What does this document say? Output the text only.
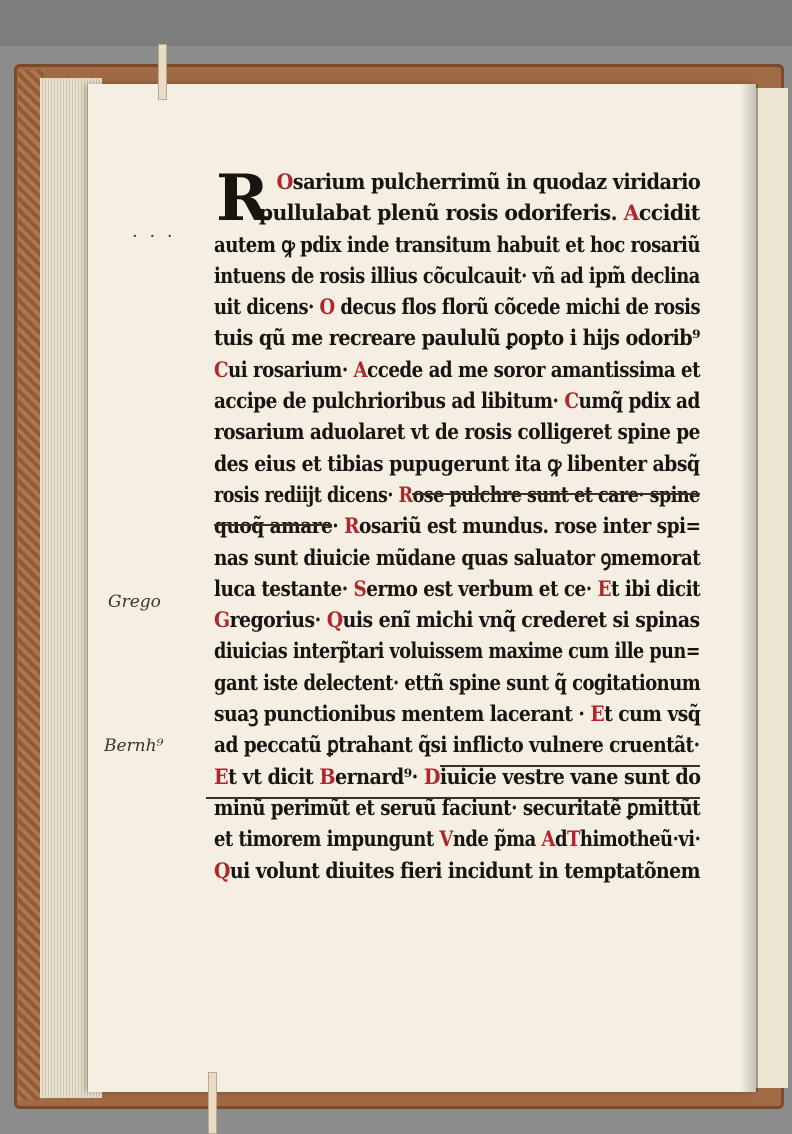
R Osarium pulcherrimũ in quodaz viridario
pullulabat plenũ rosis odoriferis. Accidit
autem ꝙ pdix inde transitum habuit et hoc rosariũ
intuens de rosis illius cõculcauit· vñ ad ipm̃ declina
uit dicens· O decus flos florũ cõcede michi de rosis
tuis qũ me recreare paululũ ꝑopto i hijs odorib⁹
Cui rosarium· Accede ad me soror amantissima et
accipe de pulchrioribus ad libitum· Cumq̃ pdix ad
rosarium aduolaret vt de rosis colligeret spine pe
des eius et tibias pupugerunt ita ꝙ libenter absq̃
rosis rediijt dicens· Rose pulchre sunt et care· spine
quoq̃ amare· Rosariũ est mundus. rose inter spi=
nas sunt diuicie mũdane quas saluator ꝯmemorat
luca testante· Sermo est verbum et ce· Et ibi dicit
Gregorius· Quis enĩ michi vnq̃ crederet si spinas
diuicias interp̃tari voluissem maxime cum ille pun=
gant iste delectent· ettñ spine sunt q̃ cogitationum
suaꝫ punctionibus mentem lacerant · Et cum vsq̃
ad peccatũ ꝑtrahant q̃si inflicto vulnere cruentãt·
Et vt dicit Bernard⁹· Diuicie vestre vane sunt do
minũ perimũt et seruũ faciunt· securitatẽ ꝑmittũt
et timorem impungunt Vnde p̃ma AdThimotheũ·vi·
Qui volunt diuites fieri incidunt in temptatõnem
· · ·
Grego
Bernh⁹
